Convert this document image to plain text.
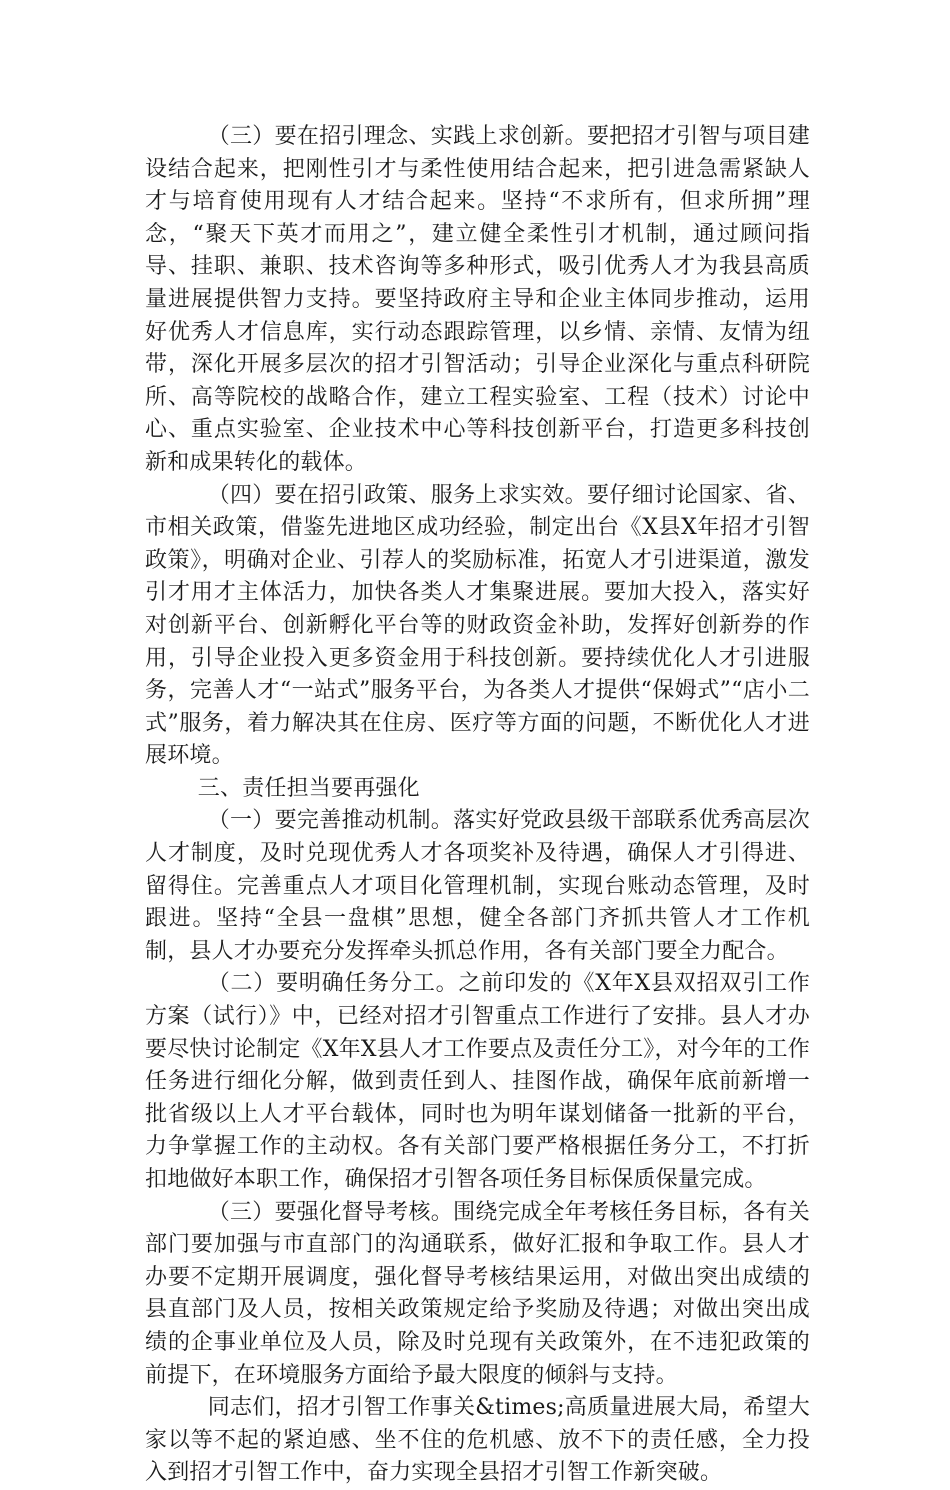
（三）要在招引理念、实践上求创新。要把招才引智与项目建设结合起来，把刚性引才与柔性使用结合起来，把引进急需紧缺人才与培育使用现有人才结合起来。坚持“不求所有，但求所拥”理念，“聚天下英才而用之”，建立健全柔性引才机制，通过顾问指导、挂职、兼职、技术咨询等多种形式，吸引优秀人才为我县高质量进展提供智力支持。要坚持政府主导和企业主体同步推动，运用好优秀人才信息库，实行动态跟踪管理，以乡情、亲情、友情为纽带，深化开展多层次的招才引智活动；引导企业深化与重点科研院所、高等院校的战略合作，建立工程实验室、工程（技术）讨论中心、重点实验室、企业技术中心等科技创新平台，打造更多科技创新和成果转化的载体。

（四）要在招引政策、服务上求实效。要仔细讨论国家、省、市相关政策，借鉴先进地区成功经验，制定出台《X县X年招才引智政策》，明确对企业、引荐人的奖励标准，拓宽人才引进渠道，激发引才用才主体活力，加快各类人才集聚进展。要加大投入，落实好对创新平台、创新孵化平台等的财政资金补助，发挥好创新券的作用，引导企业投入更多资金用于科技创新。要持续优化人才引进服务，完善人才“一站式”服务平台，为各类人才提供“保姆式”“店小二式”服务，着力解决其在住房、医疗等方面的问题，不断优化人才进展环境。

三、责任担当要再强化

（一）要完善推动机制。落实好党政县级干部联系优秀高层次人才制度，及时兑现优秀人才各项奖补及待遇，确保人才引得进、留得住。完善重点人才项目化管理机制，实现台账动态管理，及时跟进。坚持“全县一盘棋”思想，健全各部门齐抓共管人才工作机制，县人才办要充分发挥牵头抓总作用，各有关部门要全力配合。

（二）要明确任务分工。之前印发的《X年X县双招双引工作方案（试行）》中，已经对招才引智重点工作进行了安排。县人才办要尽快讨论制定《X年X县人才工作要点及责任分工》，对今年的工作任务进行细化分解，做到责任到人、挂图作战，确保年底前新增一批省级以上人才平台载体，同时也为明年谋划储备一批新的平台，力争掌握工作的主动权。各有关部门要严格根据任务分工，不打折扣地做好本职工作，确保招才引智各项任务目标保质保量完成。

（三）要强化督导考核。围绕完成全年考核任务目标，各有关部门要加强与市直部门的沟通联系，做好汇报和争取工作。县人才办要不定期开展调度，强化督导考核结果运用，对做出突出成绩的县直部门及人员，按相关政策规定给予奖励及待遇；对做出突出成绩的企事业单位及人员，除及时兑现有关政策外，在不违犯政策的前提下，在环境服务方面给予最大限度的倾斜与支持。

同志们，招才引智工作事关&times;高质量进展大局，希望大家以等不起的紧迫感、坐不住的危机感、放不下的责任感，全力投入到招才引智工作中，奋力实现全县招才引智工作新突破。
